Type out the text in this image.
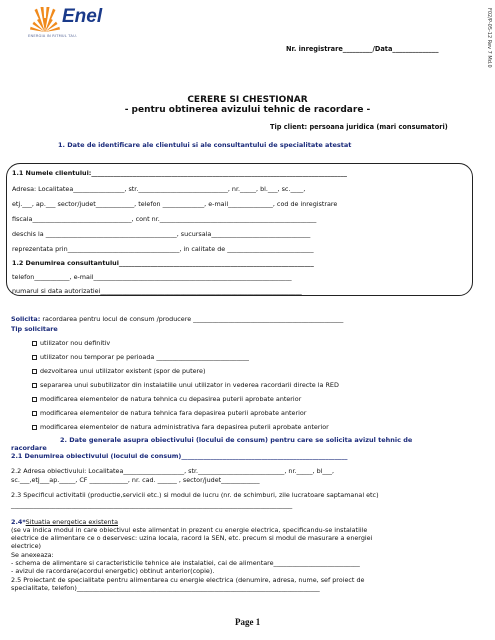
Enel
ENERGIA IN RITMUL TAU.
Nr. inregistrare_________/Data______________	F02/P-05-12 Rev 7 Md.0
CERERE SI CHESTIONAR
- pentru obtinerea avizului tehnic de racordare -
Tip client: persoana juridica (mari consumatori)
1. Date de identificare ale clientului si ale consultantului de specialitate atestat
1.1 Numele clientului:________________________________________________________________________________
Adresa: Localitatea________________, str.____________________________, nr._____, bl.___, sc.____,
etj.___, ap.___ sector/judet____________, telefon _____________, e-mail______________, cod de inregistrare
fiscala_______________________________, cont nr._________________________________________________
deschis la _________________________________________, sucursala_______________________________
reprezentata prin___________________________________, in calitate de ___________________________
1.2 Denumirea consultantului_____________________________________________________________
telefon___________, e-mail______________________________________________________________
numarul si data autorizatiei_______________________________________________________________
Solicita: racordarea pentru locul de consum /producere _______________________________________________
Tip solicitare
utilizator nou definitiv
utilizator nou temporar pe perioada _____________________________
dezvoltarea unui utilizator existent (spor de putere)
separarea unui subutilizator din instalatiile unui utilizator in vederea racordarii directe la RED
modificarea elementelor de natura tehnica cu depasirea puterii aprobate anterior
modificarea elementelor de natura tehnica fara depasirea puterii aprobate anterior
modificarea elementelor de natura administrativa fara depasirea puterii aprobate anterior
2. Date generale asupra obiectivului (locului de consum) pentru care se solicita avizul tehnic de
racordare
2.1 Denumirea obiectivului (locului de consum)____________________________________________________
2.2 Adresa obiectivului: Localitatea___________________, str.___________________________, nr._____, bl___,
sc.___,etj___ap._____, CF ____________, nr. cad. ______ , sector/judet____________
2.3 Specificul activitatii (productie,servicii etc.) si modul de lucru (nr. de schimburi, zile lucratoare saptamanal etc)
________________________________________________________________________________________
2.4*Situatia energetica existenta
(se va indica modul in care obiectivul este alimentat in prezent cu energie electrica, specificandu-se instalatiile
electrice de alimentare ce o deservesc: uzina locala, racord la SEN, etc. precum si modul de masurare a energiei
electrice)
Se anexeaza:
- schema de alimentare si caracteristicile tehnice ale instalatiei, cai de alimentare___________________________
- avizul de racordare(acordul energetic) obtinut anterior(copie).
2.5 Proiectant de specialitate pentru alimentarea cu energie electrica (denumire, adresa, nume, sef proiect de
specialitate, telefon)____________________________________________________________________________
Page 1
